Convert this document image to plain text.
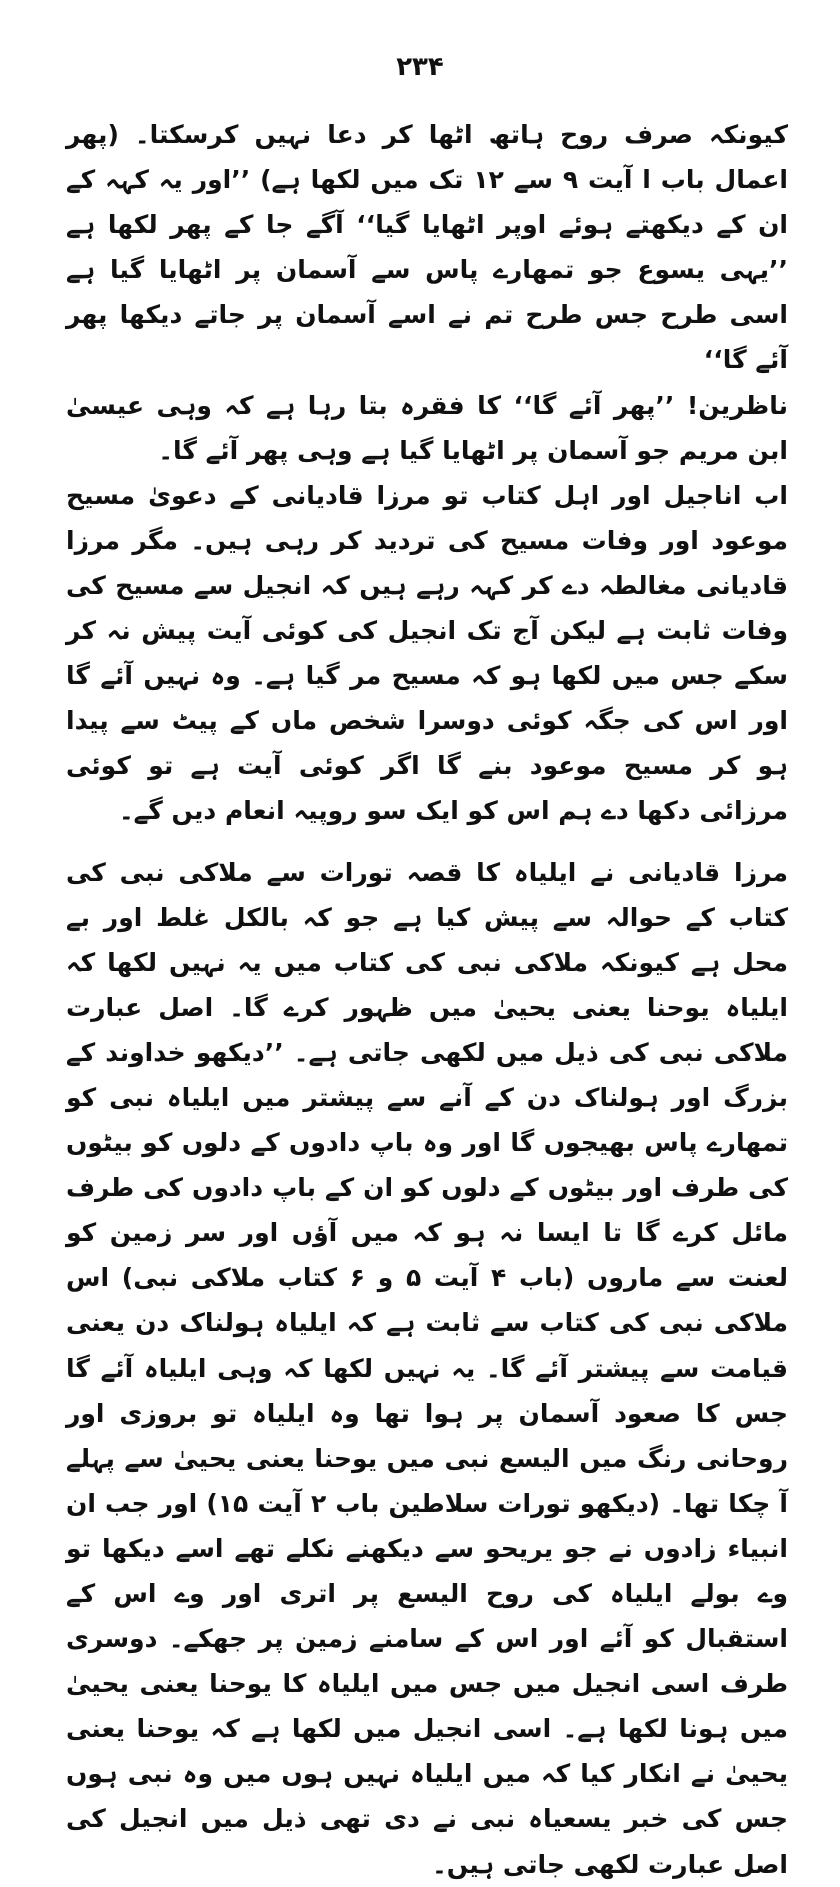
۲۳۴

کیونکہ صرف روح ہاتھ اٹھا کر دعا نہیں کرسکتا۔ (پھر اعمال باب ا آیت ۹ سے ۱۲ تک میں لکھا ہے) ’’اور یہ کہہ کے ان کے دیکھتے ہوئے اوپر اٹھایا گیا‘‘ آگے جا کے پھر لکھا ہے ’’یہی یسوع جو تمھارے پاس سے آسمان پر اٹھایا گیا ہے اسی طرح جس طرح تم نے اسے آسمان پر جاتے دیکھا پھر آئے گا‘‘

ناظرین! ’’پھر آئے گا‘‘ کا فقرہ بتا رہا ہے کہ وہی عیسیٰ ابن مریم جو آسمان پر اٹھایا گیا ہے وہی پھر آئے گا۔

اب اناجیل اور اہل کتاب تو مرزا قادیانی کے دعویٰ مسیح موعود اور وفات مسیح کی تردید کر رہی ہیں۔ مگر مرزا قادیانی مغالطہ دے کر کہہ رہے ہیں کہ انجیل سے مسیح کی وفات ثابت ہے لیکن آج تک انجیل کی کوئی آیت پیش نہ کر سکے جس میں لکھا ہو کہ مسیح مر گیا ہے۔ وہ نہیں آئے گا اور اس کی جگہ کوئی دوسرا شخص ماں کے پیٹ سے پیدا ہو کر مسیح موعود بنے گا اگر کوئی آیت ہے تو کوئی مرزائی دکھا دے ہم اس کو ایک سو روپیہ انعام دیں گے۔

مرزا قادیانی نے ایلیاہ کا قصہ تورات سے ملاکی نبی کی کتاب کے حوالہ سے پیش کیا ہے جو کہ بالکل غلط اور بے محل ہے کیونکہ ملاکی نبی کی کتاب میں یہ نہیں لکھا کہ ایلیاہ یوحنا یعنی یحییٰ میں ظہور کرے گا۔ اصل عبارت ملاکی نبی کی ذیل میں لکھی جاتی ہے۔ ’’دیکھو خداوند کے بزرگ اور ہولناک دن کے آنے سے پیشتر میں ایلیاہ نبی کو تمھارے پاس بھیجوں گا اور وہ باپ دادوں کے دلوں کو بیٹوں کی طرف اور بیٹوں کے دلوں کو ان کے باپ دادوں کی طرف مائل کرے گا تا ایسا نہ ہو کہ میں آؤں اور سر زمین کو لعنت سے ماروں (باب ۴ آیت ۵ و ۶ کتاب ملاکی نبی) اس ملاکی نبی کی کتاب سے ثابت ہے کہ ایلیاہ ہولناک دن یعنی قیامت سے پیشتر آئے گا۔ یہ نہیں لکھا کہ وہی ایلیاہ آئے گا جس کا صعود آسمان پر ہوا تھا وہ ایلیاہ تو بروزی اور روحانی رنگ میں الیسع نبی میں یوحنا یعنی یحییٰ سے پہلے آ چکا تھا۔ (دیکھو تورات سلاطین باب ۲ آیت ۱۵) اور جب ان انبیاء زادوں نے جو یریحو سے دیکھنے نکلے تھے اسے دیکھا تو وے بولے ایلیاہ کی روح الیسع پر اتری اور وے اس کے استقبال کو آئے اور اس کے سامنے زمین پر جھکے۔ دوسری طرف اسی انجیل میں جس میں ایلیاہ کا یوحنا یعنی یحییٰ میں ہونا لکھا ہے۔ اسی انجیل میں لکھا ہے کہ یوحنا یعنی یحییٰ نے انکار کیا کہ میں ایلیاہ نہیں ہوں میں وہ نبی ہوں جس کی خبر یسعیاہ نبی نے دی تھی ذیل میں انجیل کی اصل عبارت لکھی جاتی ہیں۔
